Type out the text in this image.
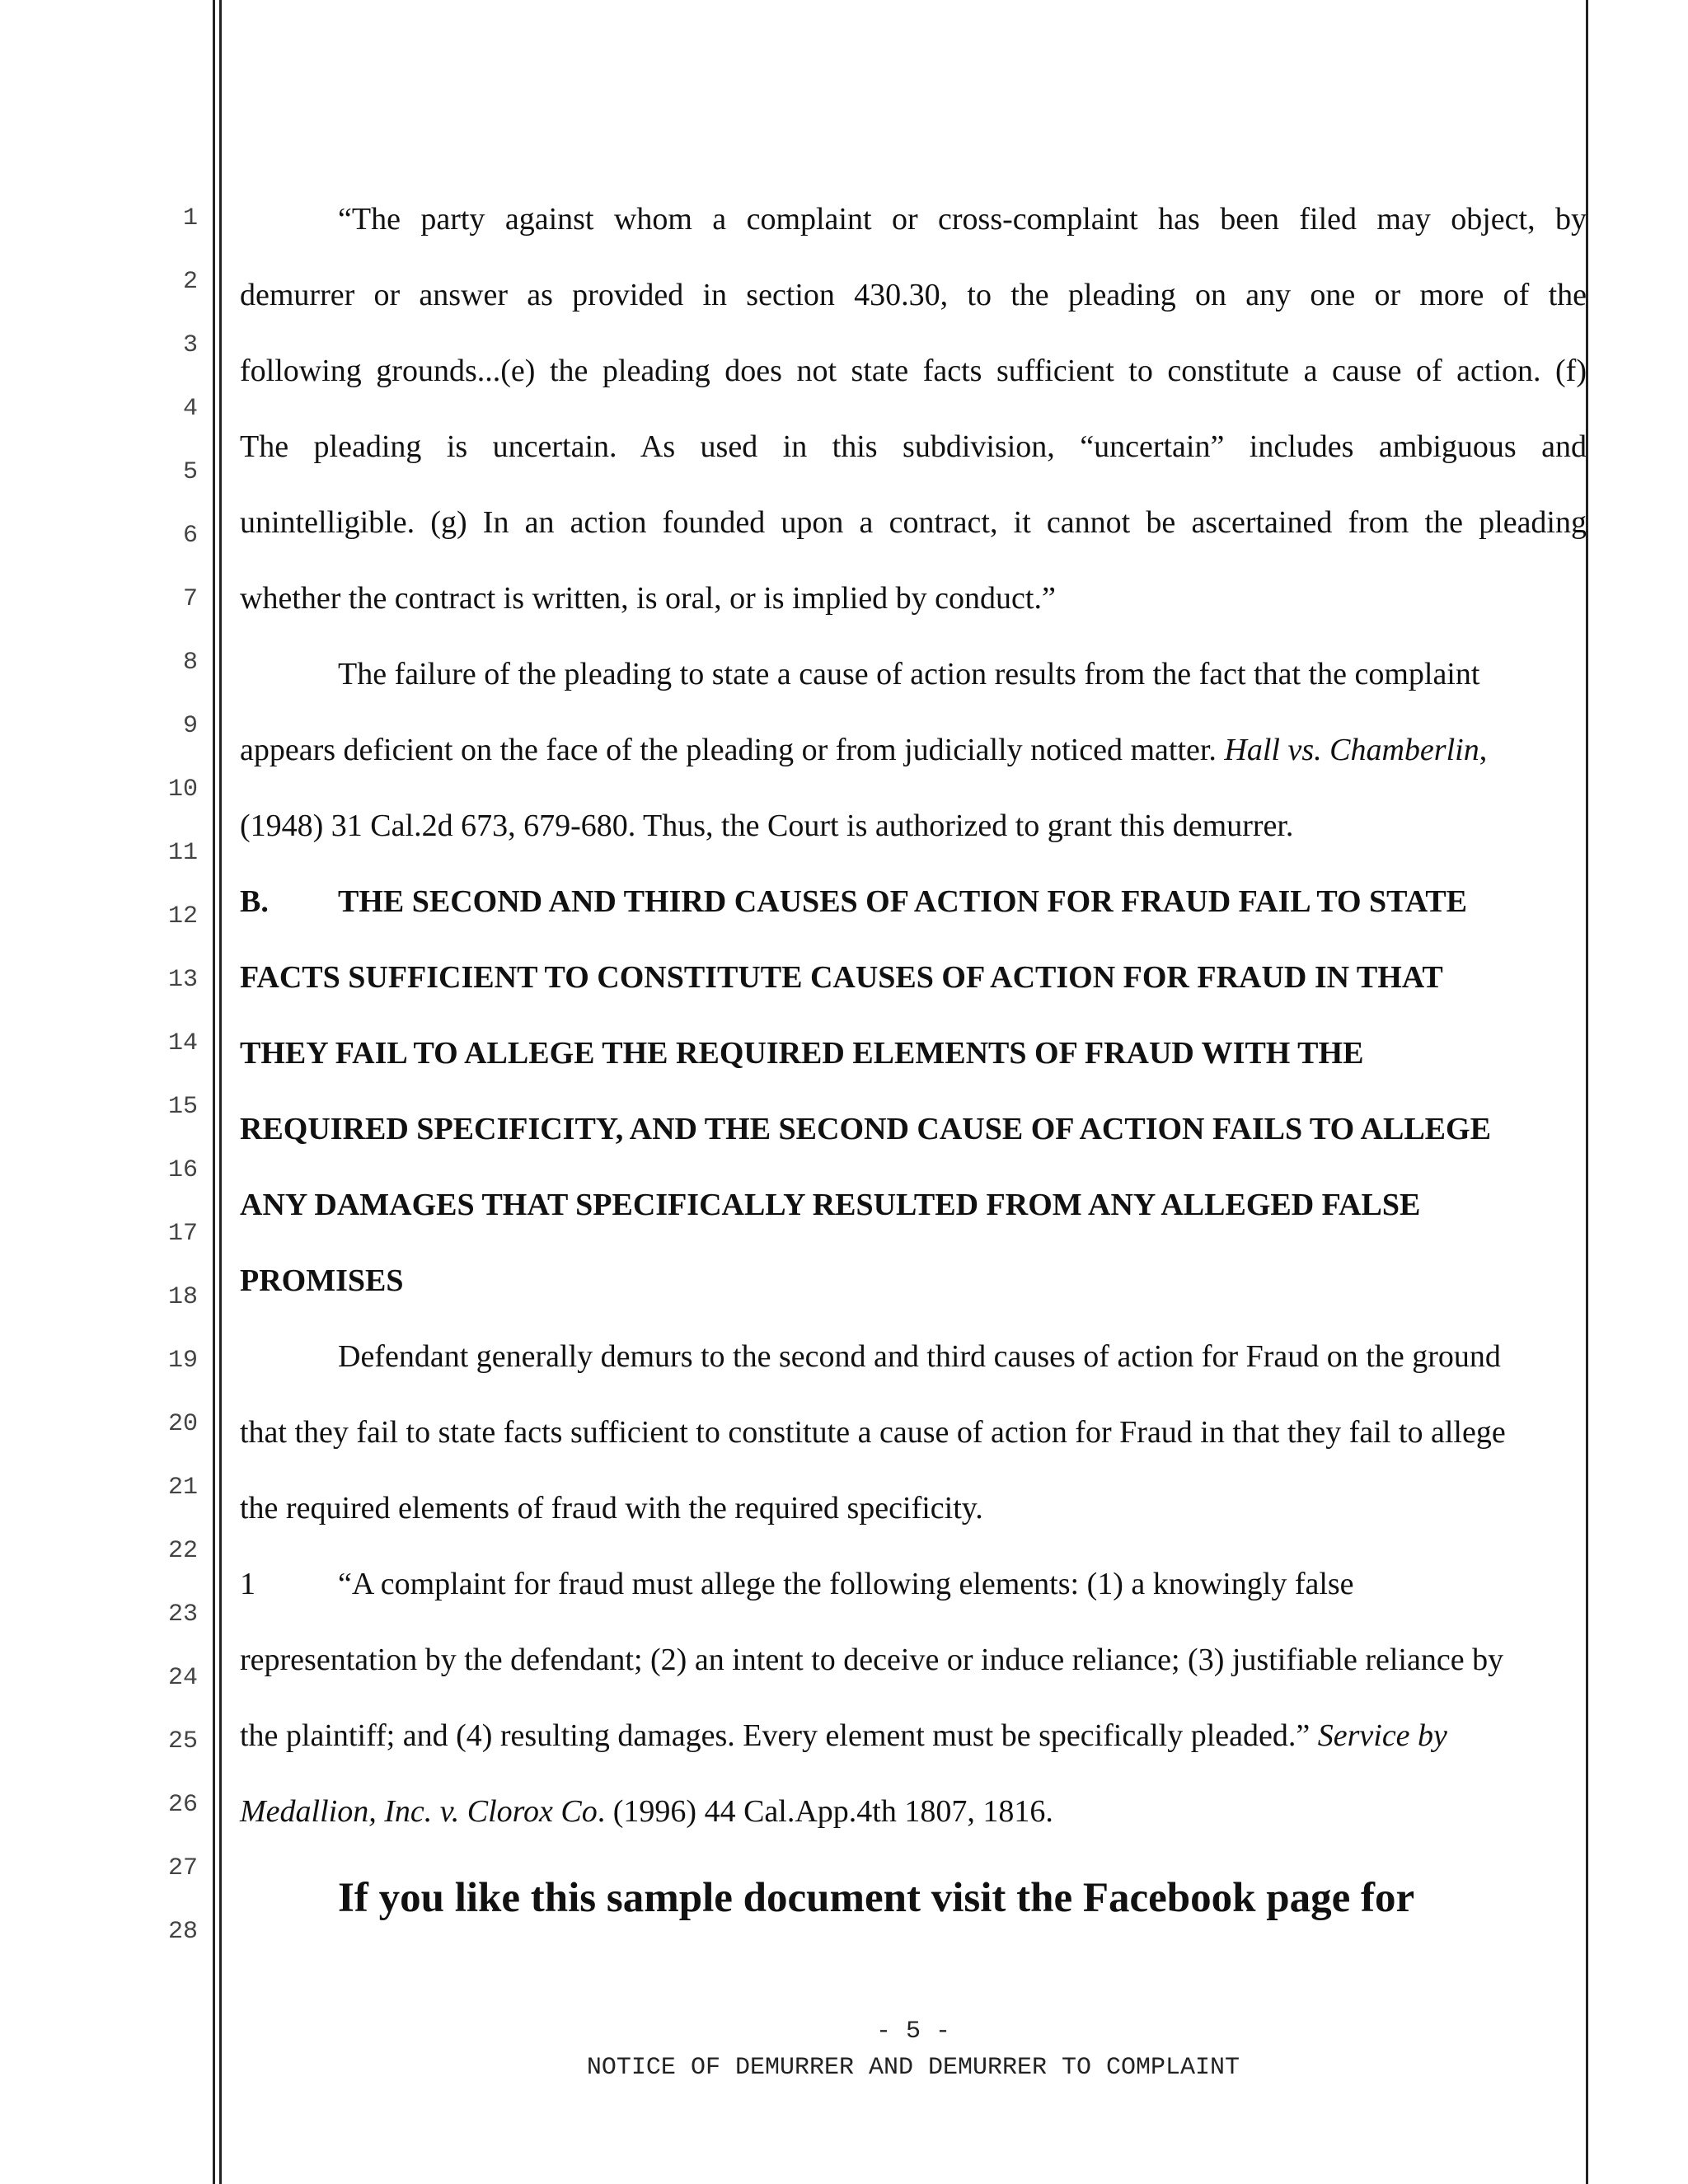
1
2
3
4
5
6
7
8
9
10
11
12
13
14
15
16
17
18
19
20
21
22
23
24
25
26
27
28
“The party against whom a complaint or cross-complaint has been filed may object, by
demurrer or answer as provided in section 430.30, to the pleading on any one or more of the
following grounds...(e) the pleading does not state facts sufficient to constitute a cause of action. (f)
The pleading is uncertain. As used in this subdivision, “uncertain” includes ambiguous and
unintelligible. (g) In an action founded upon a contract, it cannot be ascertained from the pleading
whether the contract is written, is oral, or is implied by conduct.”
The failure of the pleading to state a cause of action results from the fact that the complaint
appears deficient on the face of the pleading or from judicially noticed matter. Hall vs. Chamberlin,
(1948) 31 Cal.2d 673, 679-680. Thus, the Court is authorized to grant this demurrer.
B. THE SECOND AND THIRD CAUSES OF ACTION FOR FRAUD FAIL TO STATE
FACTS SUFFICIENT TO CONSTITUTE CAUSES OF ACTION FOR FRAUD IN THAT
THEY FAIL TO ALLEGE THE REQUIRED ELEMENTS OF FRAUD WITH THE
REQUIRED SPECIFICITY, AND THE SECOND CAUSE OF ACTION FAILS TO ALLEGE
ANY DAMAGES THAT SPECIFICALLY RESULTED FROM ANY ALLEGED FALSE
PROMISES
Defendant generally demurs to the second and third causes of action for Fraud on the ground
that they fail to state facts sufficient to constitute a cause of action for Fraud in that they fail to allege
the required elements of fraud with the required specificity.
1	“A complaint for fraud must allege the following elements: (1) a knowingly false
representation by the defendant; (2) an intent to deceive or induce reliance; (3) justifiable reliance by
the plaintiff; and (4) resulting damages. Every element must be specifically pleaded.” Service by
Medallion, Inc. v. Clorox Co. (1996) 44 Cal.App.4th 1807, 1816.
If you like this sample document visit the Facebook page for
- 5 -
NOTICE OF DEMURRER AND DEMURRER TO COMPLAINT
